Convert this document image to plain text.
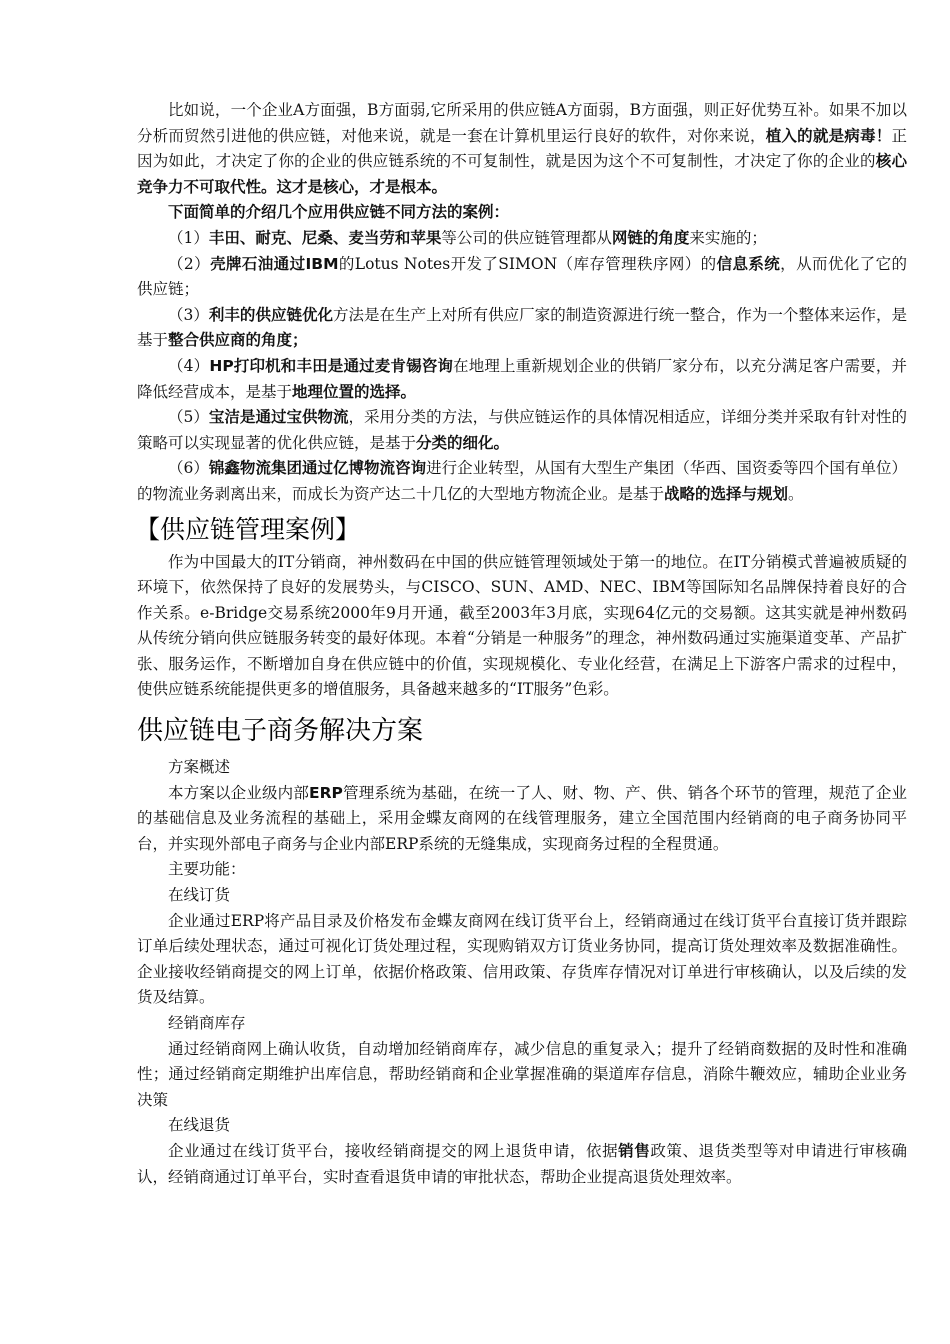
比如说，一个企业A方面强，B方面弱,它所采用的供应链A方面弱，B方面强，则正好优势互补。如果不加以分析而贸然引进他的供应链，对他来说，就是一套在计算机里运行良好的软件，对你来说，植入的就是病毒！正因为如此，才决定了你的企业的供应链系统的不可复制性，就是因为这个不可复制性，才决定了你的企业的核心竞争力不可取代性。这才是核心，才是根本。

下面简单的介绍几个应用供应链不同方法的案例：

（1）丰田、耐克、尼桑、麦当劳和苹果等公司的供应链管理都从网链的角度来实施的；

（2）壳牌石油通过IBM的Lotus Notes开发了SIMON（库存管理秩序网）的信息系统，从而优化了它的供应链；

（3）利丰的供应链优化方法是在生产上对所有供应厂家的制造资源进行统一整合，作为一个整体来运作，是基于整合供应商的角度；

（4）HP打印机和丰田是通过麦肯锡咨询在地理上重新规划企业的供销厂家分布，以充分满足客户需要，并降低经营成本，是基于地理位置的选择。

（5）宝洁是通过宝供物流，采用分类的方法，与供应链运作的具体情况相适应，详细分类并采取有针对性的策略可以实现显著的优化供应链，是基于分类的细化。

（6）锦鑫物流集团通过亿博物流咨询进行企业转型，从国有大型生产集团（华西、国资委等四个国有单位）的物流业务剥离出来，而成长为资产达二十几亿的大型地方物流企业。是基于战略的选择与规划。

【供应链管理案例】

作为中国最大的IT分销商，神州数码在中国的供应链管理领域处于第一的地位。在IT分销模式普遍被质疑的环境下，依然保持了良好的发展势头，与CISCO、SUN、AMD、NEC、IBM等国际知名品牌保持着良好的合作关系。e-Bridge交易系统2000年9月开通，截至2003年3月底，实现64亿元的交易额。这其实就是神州数码从传统分销向供应链服务转变的最好体现。本着“分销是一种服务”的理念，神州数码通过实施渠道变革、产品扩张、服务运作，不断增加自身在供应链中的价值，实现规模化、专业化经营，在满足上下游客户需求的过程中，使供应链系统能提供更多的增值服务，具备越来越多的“IT服务”色彩。

供应链电子商务解决方案

方案概述

本方案以企业级内部ERP管理系统为基础，在统一了人、财、物、产、供、销各个环节的管理，规范了企业的基础信息及业务流程的基础上，采用金蝶友商网的在线管理服务，建立全国范围内经销商的电子商务协同平台，并实现外部电子商务与企业内部ERP系统的无缝集成，实现商务过程的全程贯通。

主要功能：

在线订货

企业通过ERP将产品目录及价格发布金蝶友商网在线订货平台上，经销商通过在线订货平台直接订货并跟踪订单后续处理状态，通过可视化订货处理过程，实现购销双方订货业务协同，提高订货处理效率及数据准确性。企业接收经销商提交的网上订单，依据价格政策、信用政策、存货库存情况对订单进行审核确认，以及后续的发货及结算。

经销商库存

通过经销商网上确认收货，自动增加经销商库存，减少信息的重复录入；提升了经销商数据的及时性和准确性；通过经销商定期维护出库信息，帮助经销商和企业掌握准确的渠道库存信息，消除牛鞭效应，辅助企业业务决策

在线退货

企业通过在线订货平台，接收经销商提交的网上退货申请，依据销售政策、退货类型等对申请进行审核确认，经销商通过订单平台，实时查看退货申请的审批状态，帮助企业提高退货处理效率。
